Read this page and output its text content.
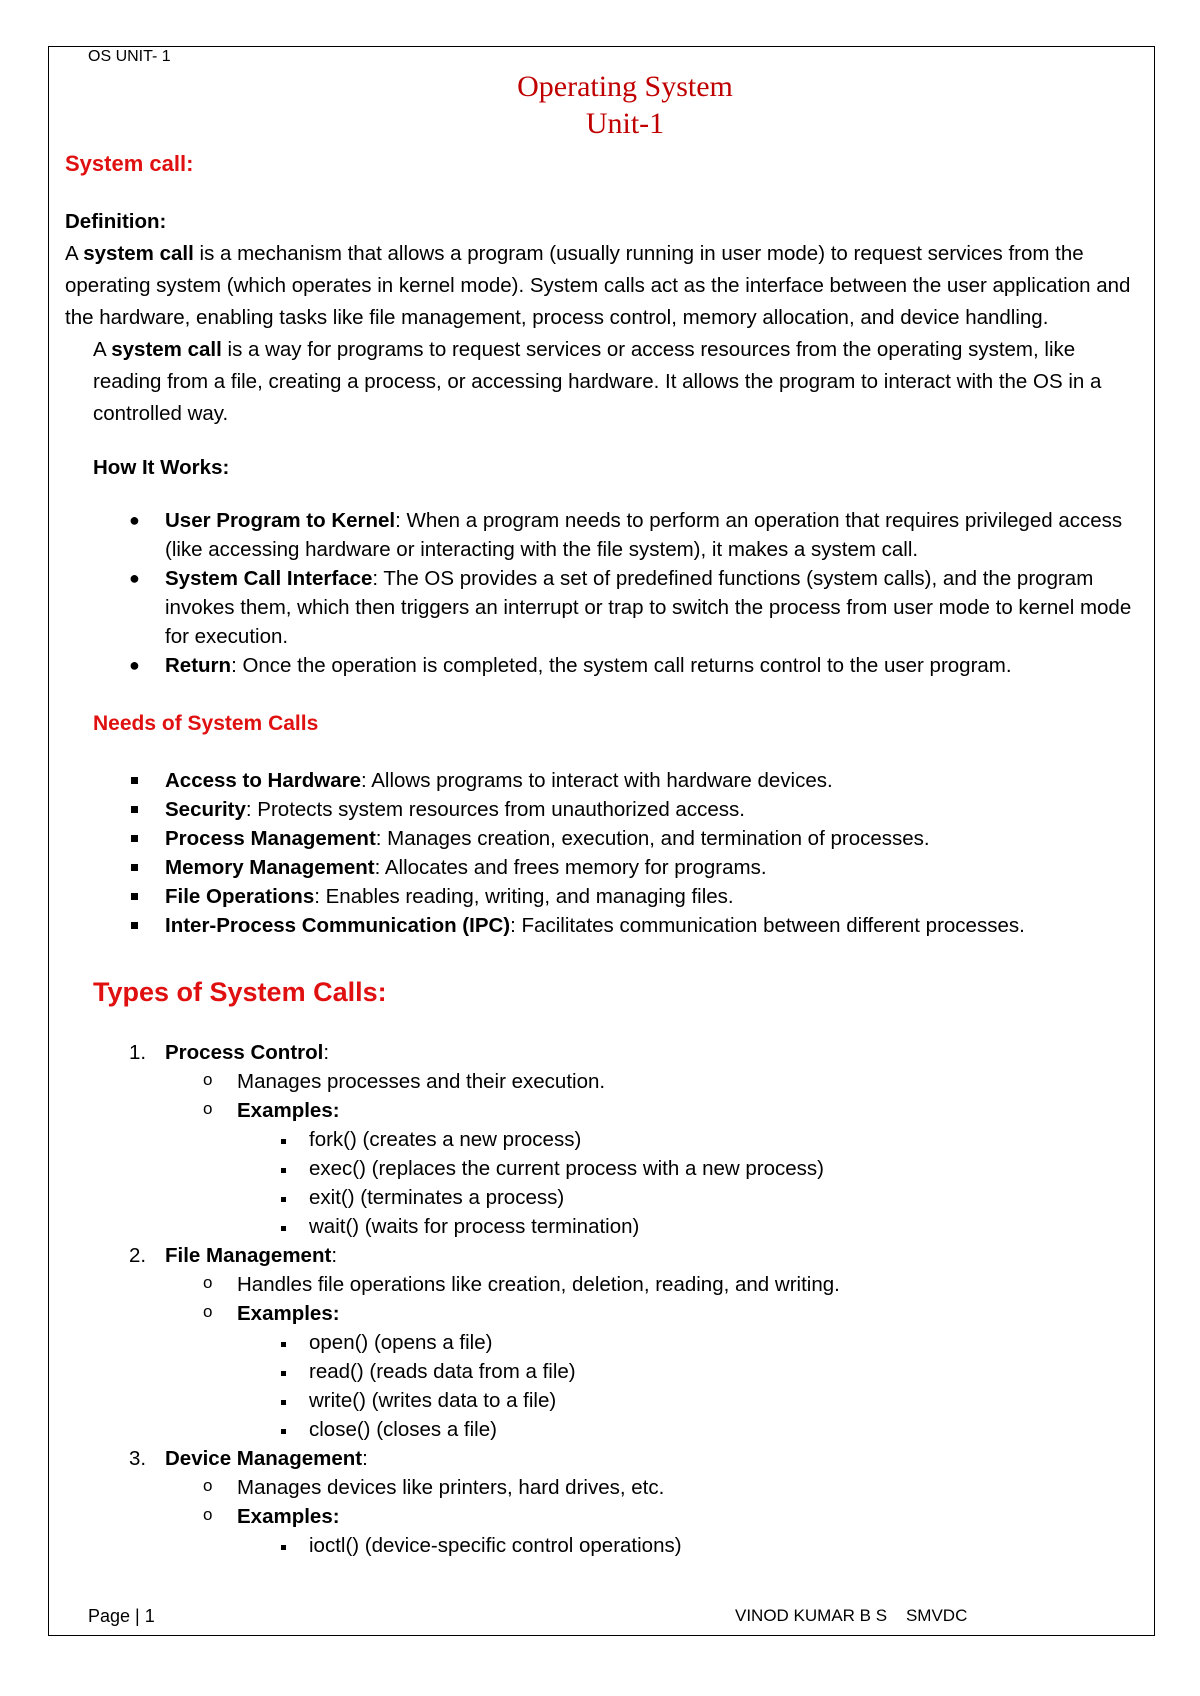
OS UNIT- 1
Operating System
Unit-1
System call:
Definition:

A system call is a mechanism that allows a program (usually running in user mode) to request services from the operating system (which operates in kernel mode). System calls act as the interface between the user application and the hardware, enabling tasks like file management, process control, memory allocation, and device handling.

A system call is a way for programs to request services or access resources from the operating system, like reading from a file, creating a process, or accessing hardware. It allows the program to interact with the OS in a controlled way.

How It Works:
● User Program to Kernel: When a program needs to perform an operation that requires privileged access (like accessing hardware or interacting with the file system), it makes a system call.
● System Call Interface: The OS provides a set of predefined functions (system calls), and the program invokes them, which then triggers an interrupt or trap to switch the process from user mode to kernel mode for execution.
● Return: Once the operation is completed, the system call returns control to the user program.
Needs of System Calls
Access to Hardware: Allows programs to interact with hardware devices.
Security: Protects system resources from unauthorized access.
Process Management: Manages creation, execution, and termination of processes.
Memory Management: Allocates and frees memory for programs.
File Operations: Enables reading, writing, and managing files.
Inter-Process Communication (IPC): Facilitates communication between different processes.
Types of System Calls:
1. Process Control:
o Manages processes and their execution.
o Examples:
fork() (creates a new process)
exec() (replaces the current process with a new process)
exit() (terminates a process)
wait() (waits for process termination)
2. File Management:
o Handles file operations like creation, deletion, reading, and writing.
o Examples:
open() (opens a file)
read() (reads data from a file)
write() (writes data to a file)
close() (closes a file)
3. Device Management:
o Manages devices like printers, hard drives, etc.
o Examples:
ioctl() (device-specific control operations)
Page | 1	VINOD KUMAR B S    SMVDC
